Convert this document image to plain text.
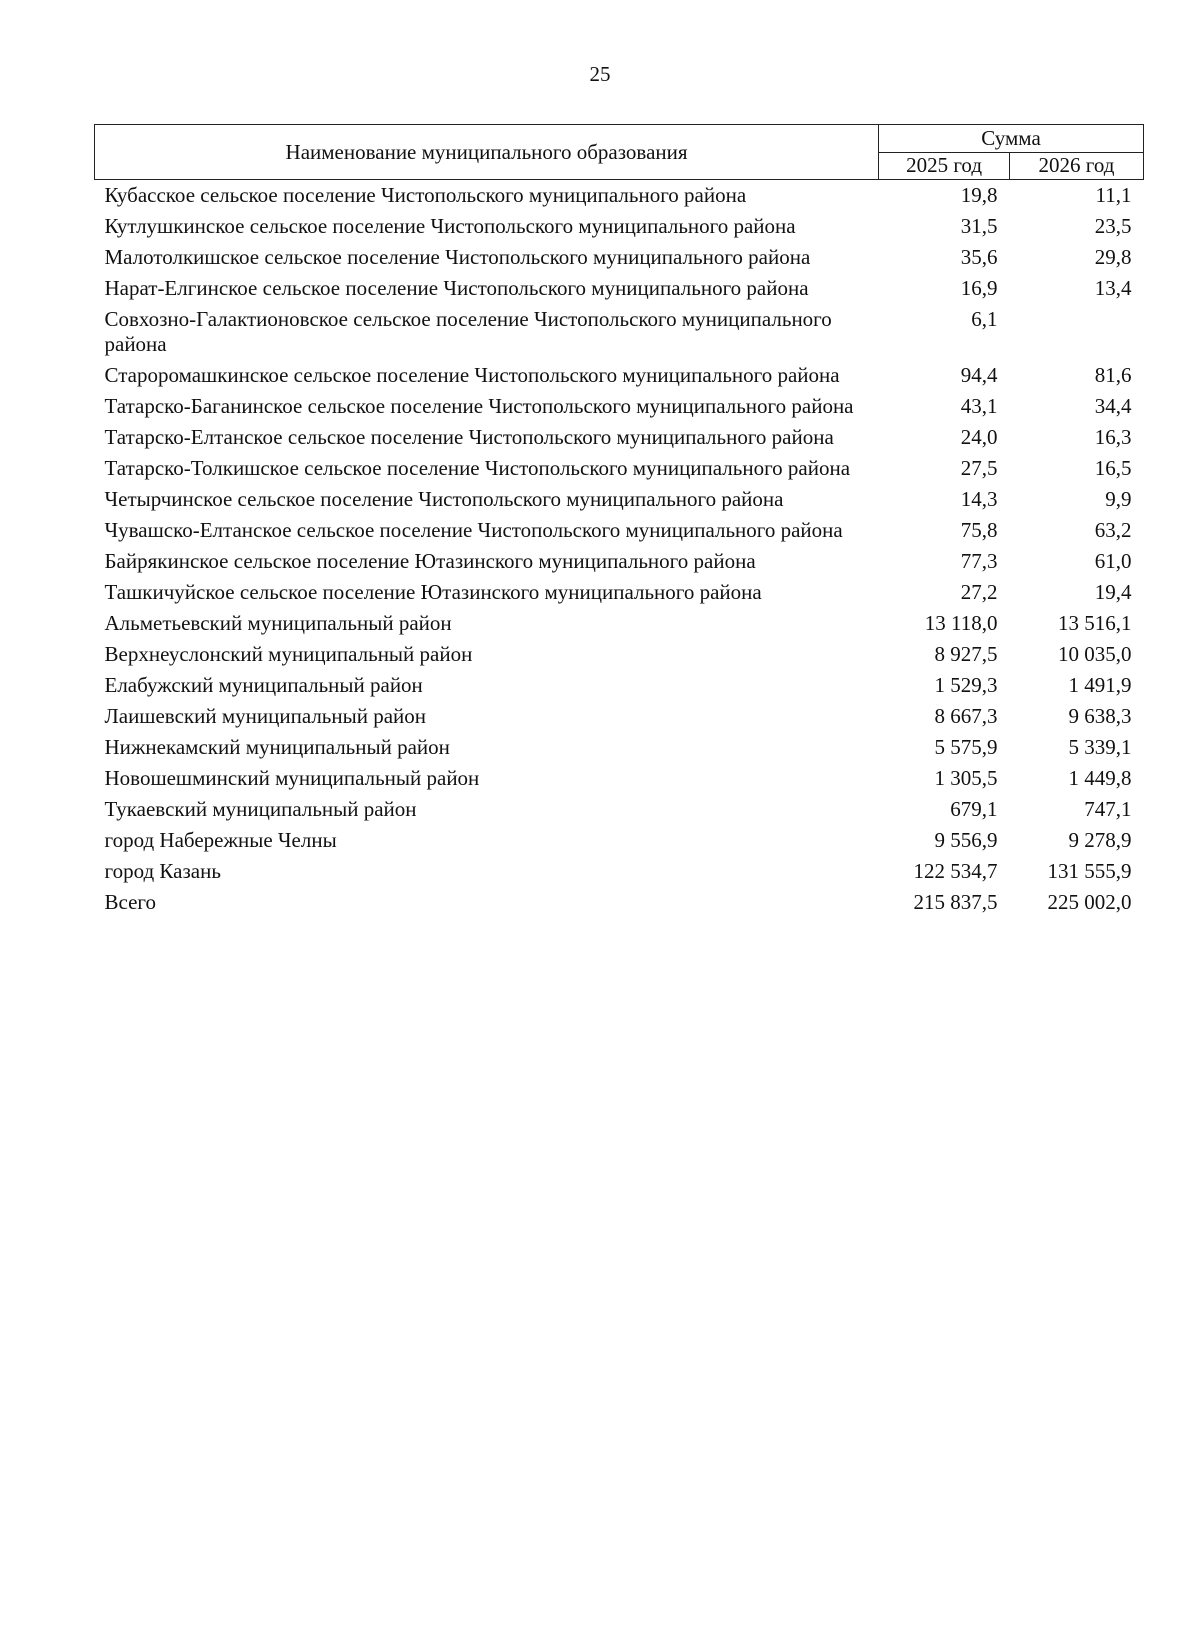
25
Наименование муниципального образования	Сумма	
	2025 год	2026 год
Кубасское сельское поселение Чистопольского муниципального района	19,8	11,1
Кутлушкинское сельское поселение Чистопольского муниципального района	31,5	23,5
Малотолкишское сельское поселение Чистопольского муниципального района	35,6	29,8
Нарат-Елгинское сельское поселение Чистопольского муниципального района	16,9	13,4
Совхозно-Галактионовское сельское поселение Чистопольского муниципального района	6,1	
Староромашкинское сельское поселение Чистопольского муниципального района	94,4	81,6
Татарско-Баганинское сельское поселение Чистопольского муниципального района	43,1	34,4
Татарско-Елтанское сельское поселение Чистопольского муниципального района	24,0	16,3
Татарско-Толкишское сельское поселение Чистопольского муниципального района	27,5	16,5
Четырчинское сельское поселение Чистопольского муниципального района	14,3	9,9
Чувашско-Елтанское сельское поселение Чистопольского муниципального района	75,8	63,2
Байрякинское сельское поселение Ютазинского муниципального района	77,3	61,0
Ташкичуйское сельское поселение Ютазинского муниципального района	27,2	19,4
Альметьевский муниципальный район	13 118,0	13 516,1
Верхнеуслонский муниципальный район	8 927,5	10 035,0
Елабужский муниципальный район	1 529,3	1 491,9
Лаишевский муниципальный район	8 667,3	9 638,3
Нижнекамский муниципальный район	5 575,9	5 339,1
Новошешминский муниципальный район	1 305,5	1 449,8
Тукаевский муниципальный район	679,1	747,1
город Набережные Челны	9 556,9	9 278,9
город Казань	122 534,7	131 555,9
Всего	215 837,5	225 002,0
